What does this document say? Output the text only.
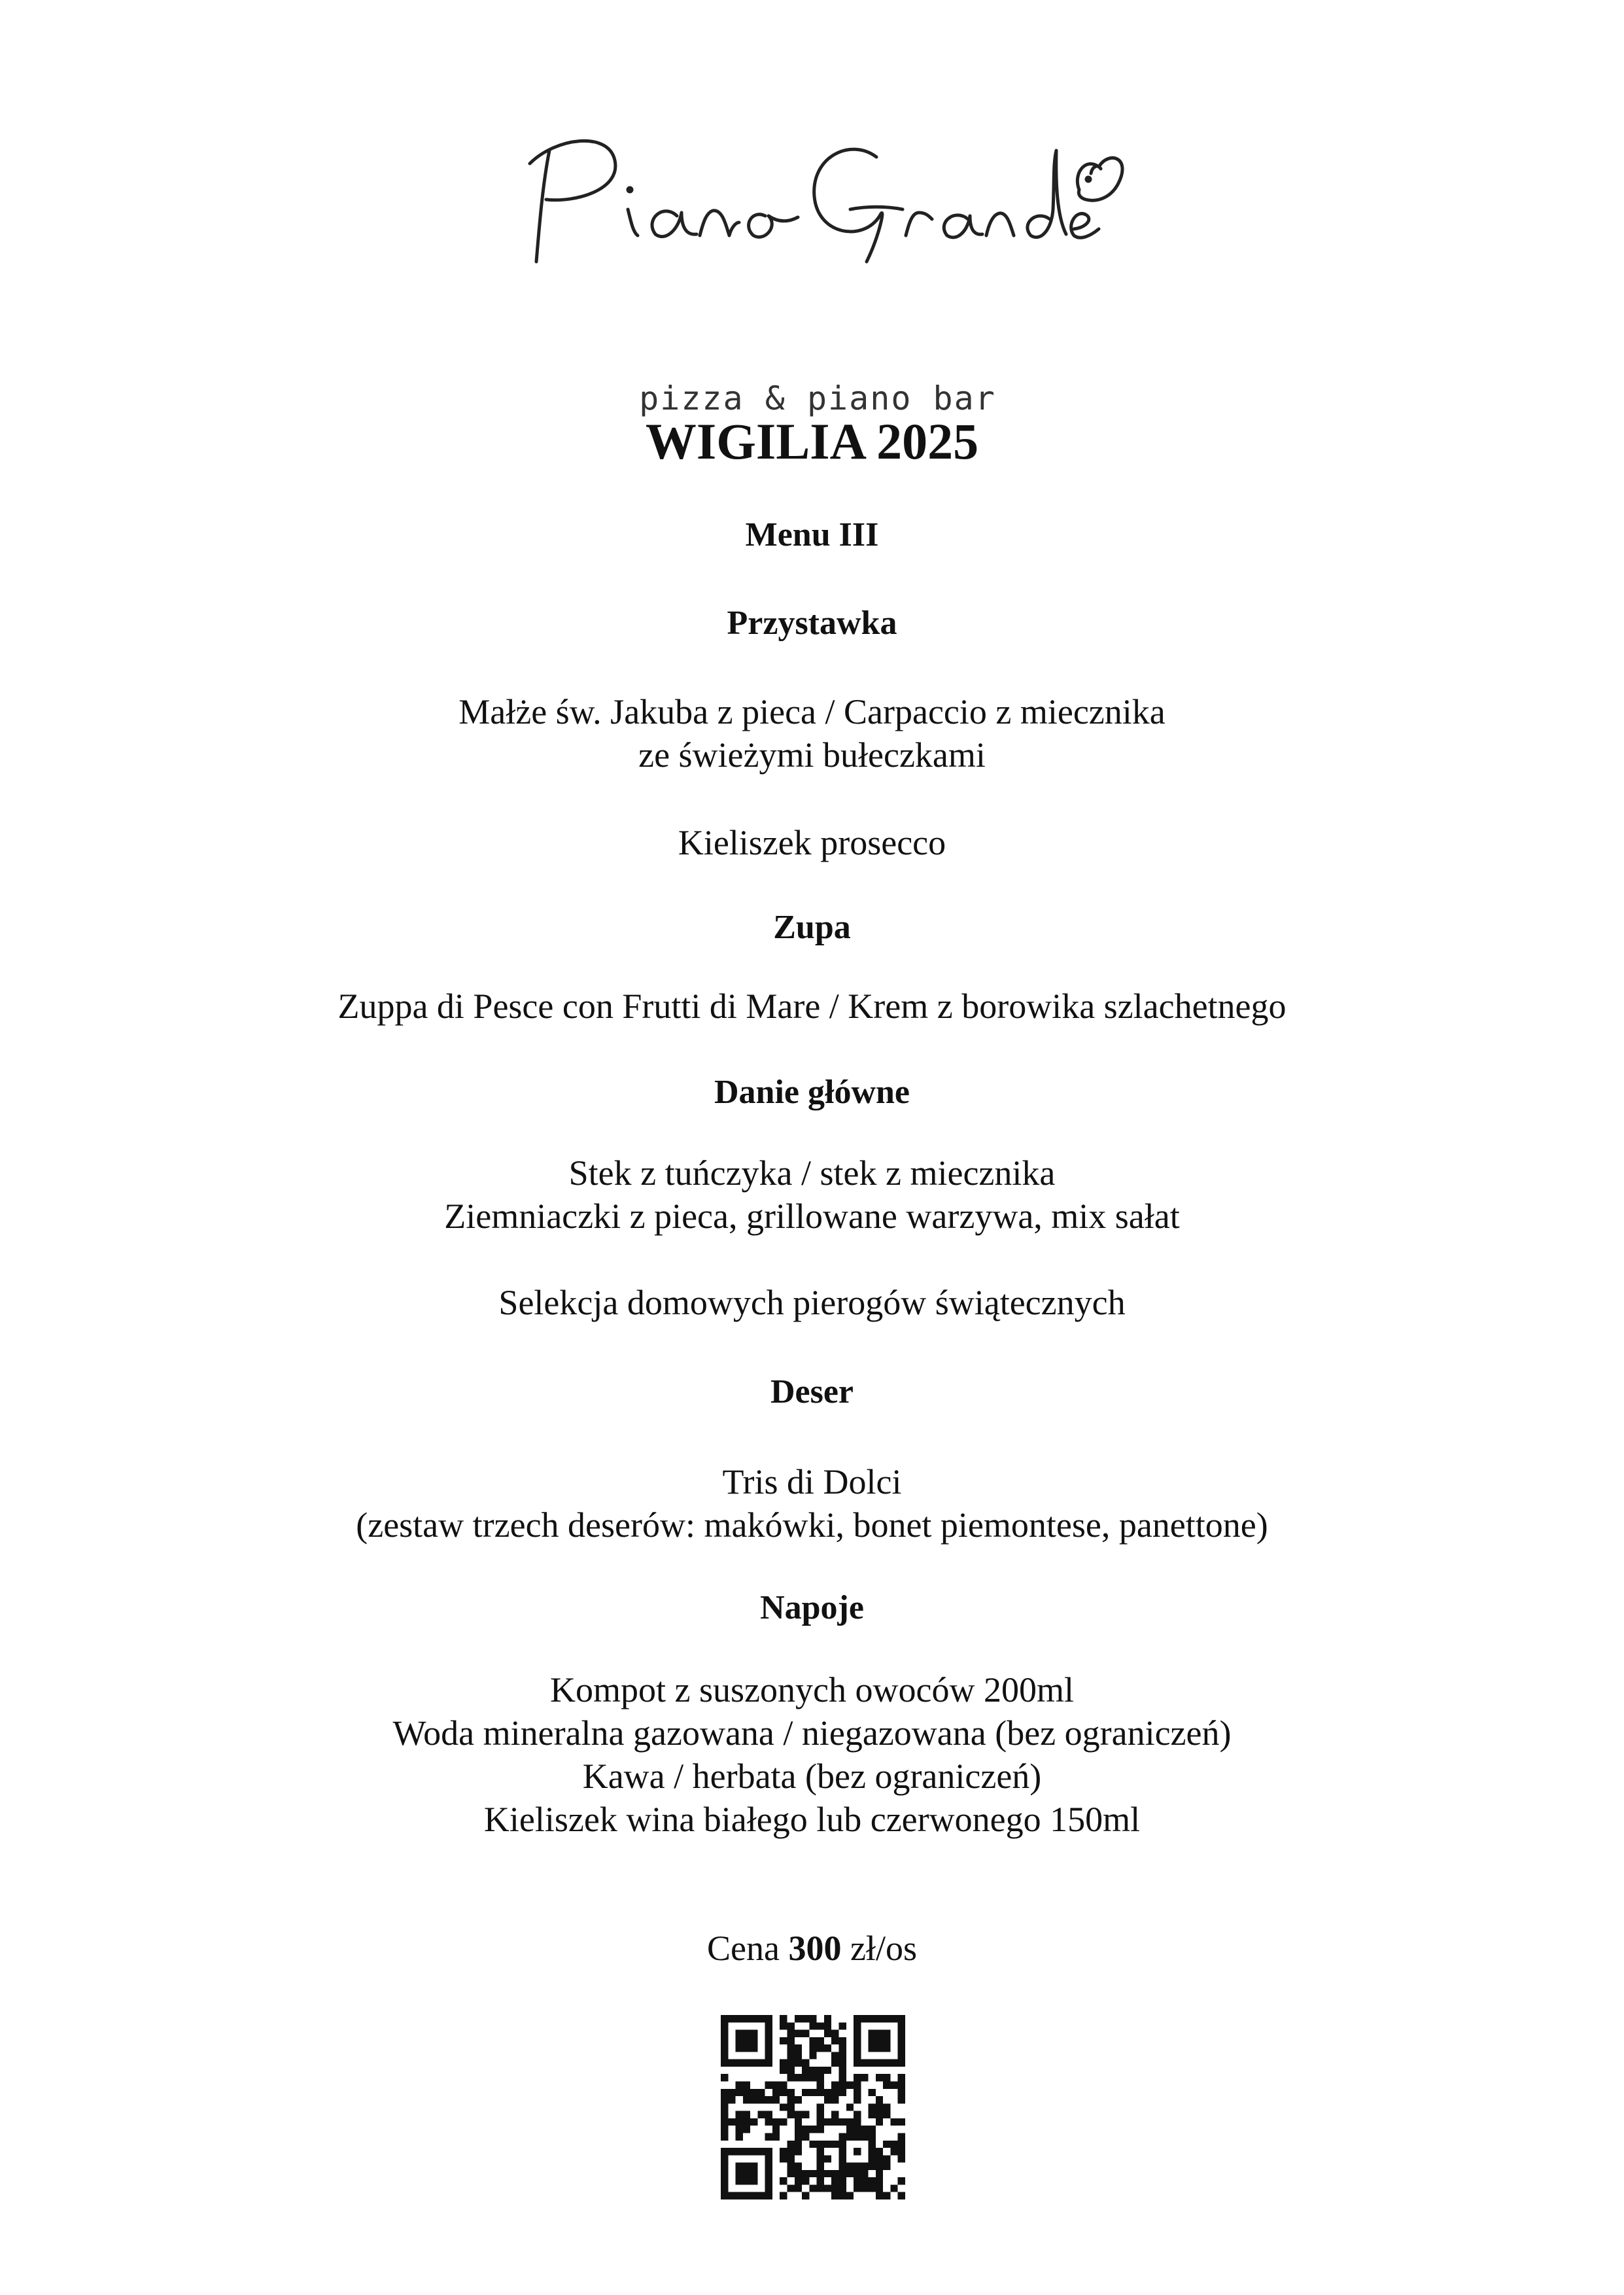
pizza & piano bar
WIGILIA 2025
Menu III
Przystawka
Małże św. Jakuba z pieca / Carpaccio z miecznika
ze świeżymi bułeczkami
Kieliszek prosecco
Zupa
Zuppa di Pesce con Frutti di Mare / Krem z borowika szlachetnego
Danie główne
Stek z tuńczyka / stek z miecznika
Ziemniaczki z pieca, grillowane warzywa, mix sałat
Selekcja domowych pierogów świątecznych
Deser
Tris di Dolci
(zestaw trzech deserów: makówki, bonet piemontese, panettone)
Napoje
Kompot z suszonych owoców 200ml
Woda mineralna gazowana / niegazowana (bez ograniczeń)
Kawa / herbata (bez ograniczeń)
Kieliszek wina białego lub czerwonego 150ml
Cena 300 zł/os
